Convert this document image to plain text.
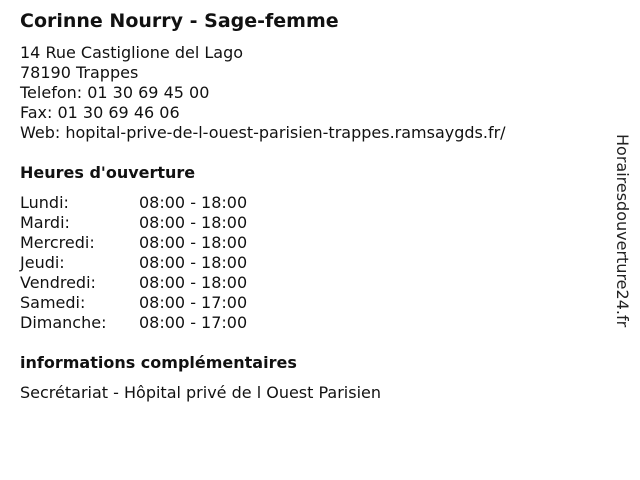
Corinne Nourry - Sage-femme
14 Rue Castiglione del Lago
78190 Trappes
Telefon: 01 30 69 45 00
Fax: 01 30 69 46 06
Web: hopital-prive-de-l-ouest-parisien-trappes.ramsaygds.fr/
Heures d'ouverture
Lundi:	08:00 - 18:00
Mardi:	08:00 - 18:00
Mercredi:	08:00 - 18:00
Jeudi:	08:00 - 18:00
Vendredi:	08:00 - 18:00
Samedi:	08:00 - 17:00
Dimanche: 08:00 - 17:00
informations complémentaires
Secrétariat - Hôpital privé de l Ouest Parisien
Horairesdouverture24.fr
